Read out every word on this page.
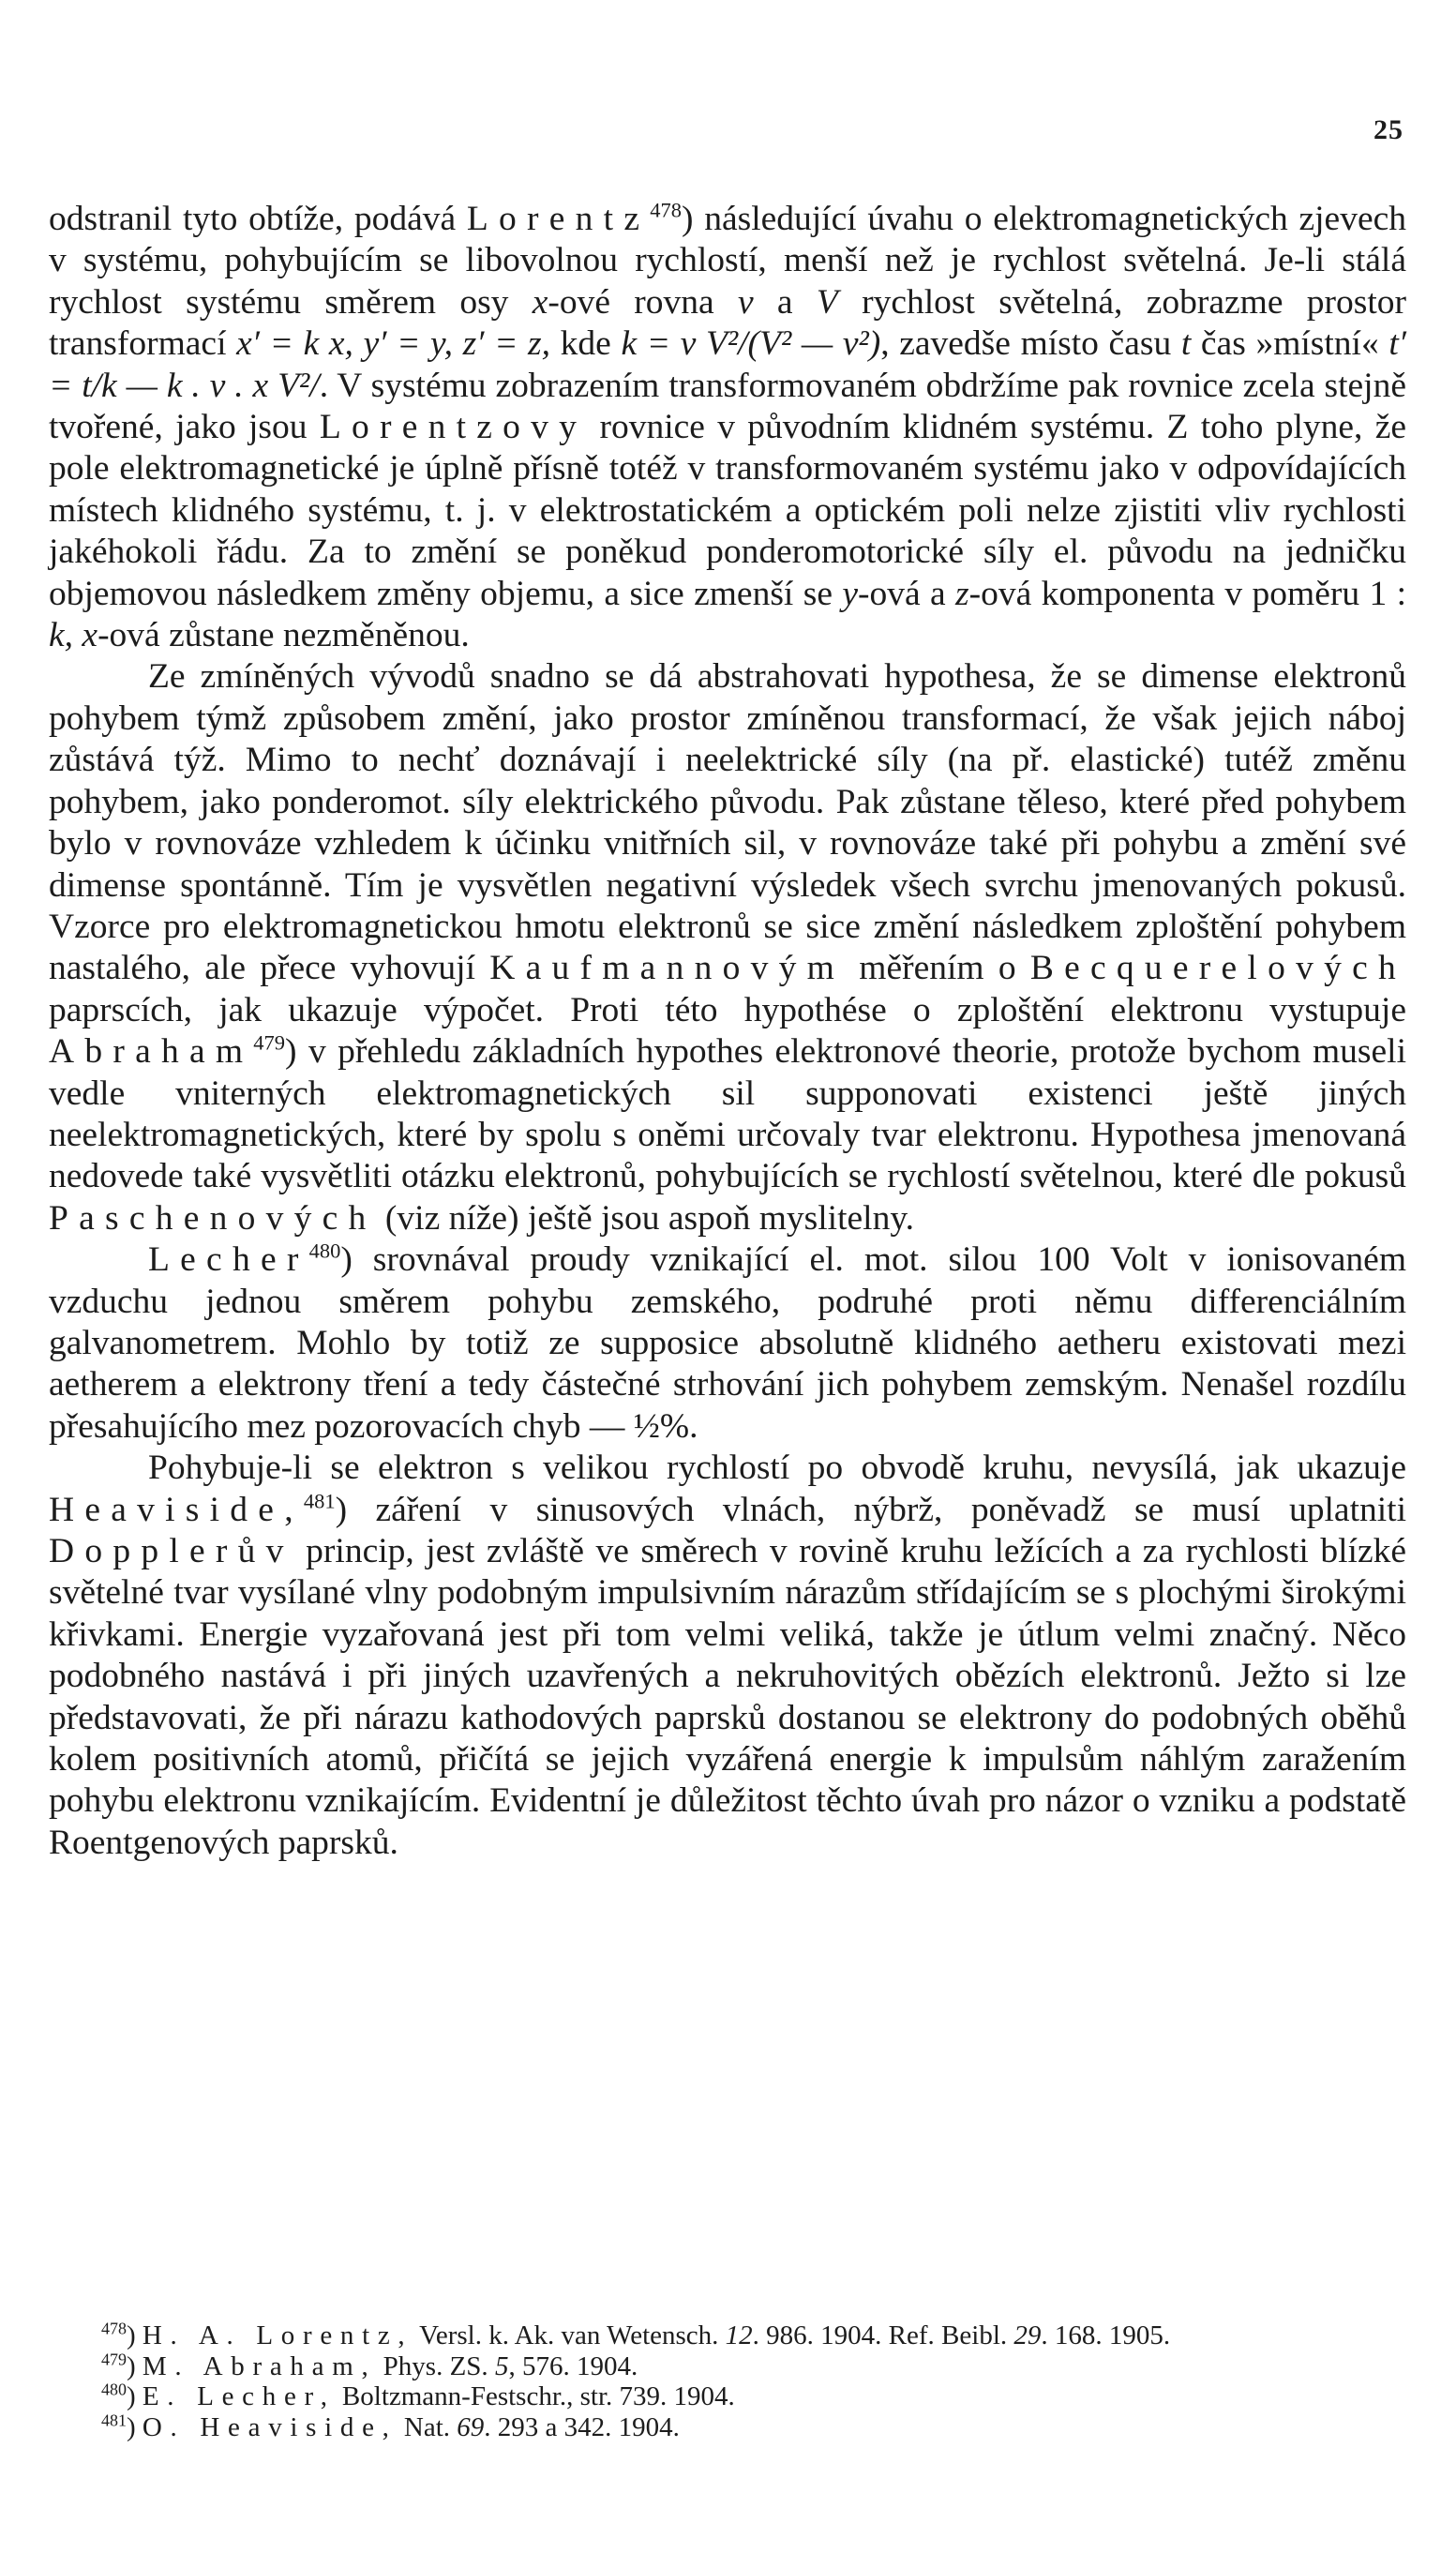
25

odstranil tyto obtíže, podává Lorentz$^{478}$) následující úvahu o elektromagnetických zjevech v systému, pohybujícím se libovolnou rychlostí, menší než je rychlost světelná. Je-li stálá rychlost systému směrem osy x-ové rovna v a V rychlost světelná, zobrazme prostor transformací x′ = k x, y′ = y, z′ = z, kde k = v V²/(V² — v²), zavedše místo času t čas »místní« t′ = t/k — k . v . x V²/. V systému zobrazením transformovaném obdržíme pak rovnice zcela stejně tvořené, jako jsou Lorentzovy rovnice v původním klidném systému. Z toho plyne, že pole elektromagnetické je úplně přísně totéž v transformovaném systému jako v odpovídajících místech klidného systému, t. j. v elektrostatickém a optickém poli nelze zjistiti vliv rychlosti jakéhokoli řádu. Za to změní se poněkud ponderomotorické síly el. původu na jedničku objemovou následkem změny objemu, a sice zmenší se y-ová a z-ová komponenta v poměru 1 : k, x-ová zůstane nezměněnou.

Ze zmíněných vývodů snadno se dá abstrahovati hypothesa, že se dimense elektronů pohybem týmž způsobem změní, jako prostor zmíněnou transformací, že však jejich náboj zůstává týž. Mimo to nechť doznávají i neelektrické síly (na př. elastické) tutéž změnu pohybem, jako ponderomot. síly elektrického původu. Pak zůstane těleso, které před pohybem bylo v rovnováze vzhledem k účinku vnitřních sil, v rovnováze také při pohybu a změní své dimense spontánně. Tím je vysvětlen negativní výsledek všech svrchu jmenovaných pokusů. Vzorce pro elektromagnetickou hmotu elektronů se sice změní následkem zploštění pohybem nastalého, ale přece vyhovují Kaufmannovým měřením o Becquerelových paprscích, jak ukazuje výpočet. Proti této hypothése o zploštění elektronu vystupuje Abraham$^{479}$) v přehledu základních hypothes elektronové theorie, protože bychom museli vedle vniterných elektromagnetických sil supponovati existenci ještě jiných neelektromagnetických, které by spolu s oněmi určovaly tvar elektronu. Hypothesa jmenovaná nedovede také vysvětliti otázku elektronů, pohybujících se rychlostí světelnou, které dle pokusů Paschenových (viz níže) ještě jsou aspoň myslitelny.

Lecher$^{480}$) srovnával proudy vznikající el. mot. silou 100 Volt v ionisovaném vzduchu jednou směrem pohybu zemského, podruhé proti němu differenciálním galvanometrem. Mohlo by totiž ze supposice absolutně klidného aetheru existovati mezi aetherem a elektrony tření a tedy částečné strhování jich pohybem zemským. Nenašel rozdílu přesahujícího mez pozorovacích chyb — ½%.

Pohybuje-li se elektron s velikou rychlostí po obvodě kruhu, nevysílá, jak ukazuje Heaviside,$^{481}$) záření v sinusových vlnách, nýbrž, poněvadž se musí uplatniti Dopplerův princip, jest zvláště ve směrech v rovině kruhu ležících a za rychlosti blízké světelné tvar vysílané vlny podobným impulsivním nárazům střídajícím se s plochými širokými křivkami. Energie vyzařovaná jest při tom velmi veliká, takže je útlum velmi značný. Něco podobného nastává i při jiných uzavřených a nekruhovitých obězích elektronů. Ježto si lze představovati, že při nárazu kathodových paprsků dostanou se elektrony do podobných oběhů kolem positivních atomů, přičítá se jejich vyzářená energie k impulsům náhlým zaražením pohybu elektronu vznikajícím. Evidentní je důležitost těchto úvah pro názor o vzniku a podstatě Roentgenových paprsků.

$^{478}$) H. A. Lorentz, Versl. k. Ak. van Wetensch. 12. 986. 1904. Ref. Beibl. 29. 168. 1905.

$^{479}$) M. Abraham, Phys. ZS. 5, 576. 1904.

$^{480}$) E. Lecher, Boltzmann-Festschr., str. 739. 1904.

$^{481}$) O. Heaviside, Nat. 69. 293 a 342. 1904.
